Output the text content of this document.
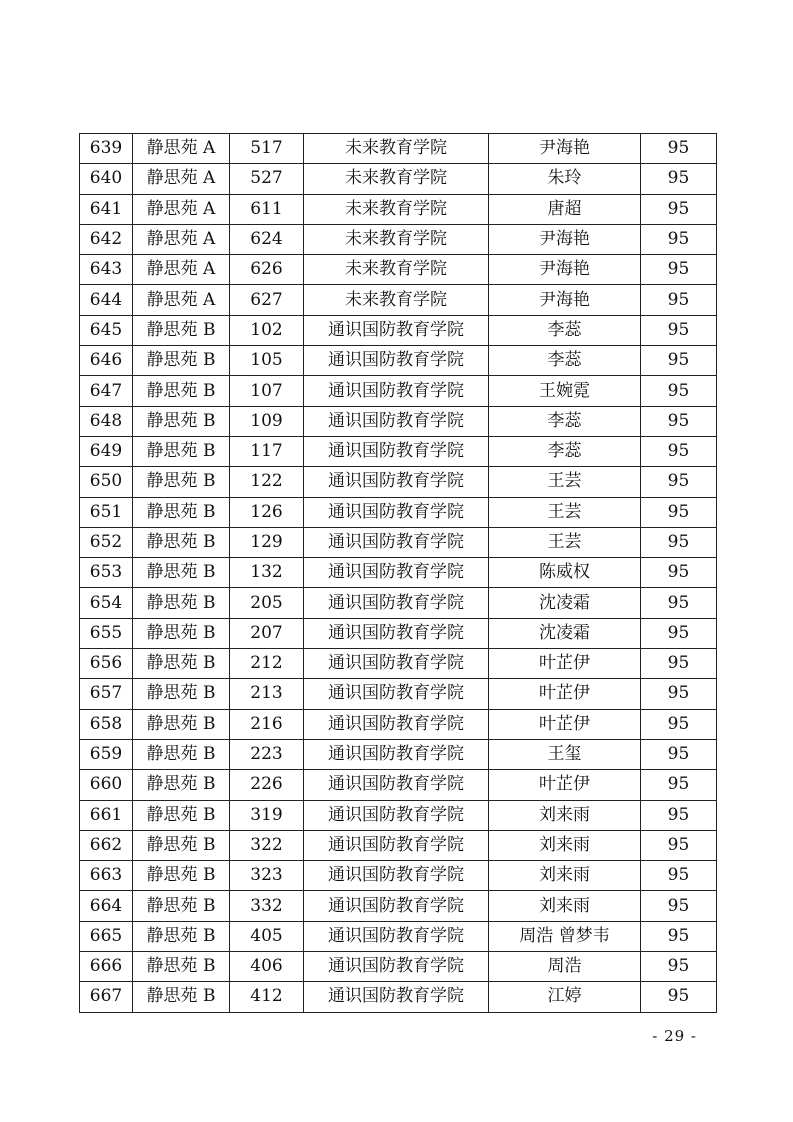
639	静思苑 A	517	未来教育学院	尹海艳	95
640	静思苑 A	527	未来教育学院	朱玲	95
641	静思苑 A	611	未来教育学院	唐超	95
642	静思苑 A	624	未来教育学院	尹海艳	95
643	静思苑 A	626	未来教育学院	尹海艳	95
644	静思苑 A	627	未来教育学院	尹海艳	95
645	静思苑 B	102	通识国防教育学院	李蕊	95
646	静思苑 B	105	通识国防教育学院	李蕊	95
647	静思苑 B	107	通识国防教育学院	王婉霓	95
648	静思苑 B	109	通识国防教育学院	李蕊	95
649	静思苑 B	117	通识国防教育学院	李蕊	95
650	静思苑 B	122	通识国防教育学院	王芸	95
651	静思苑 B	126	通识国防教育学院	王芸	95
652	静思苑 B	129	通识国防教育学院	王芸	95
653	静思苑 B	132	通识国防教育学院	陈威权	95
654	静思苑 B	205	通识国防教育学院	沈凌霜	95
655	静思苑 B	207	通识国防教育学院	沈凌霜	95
656	静思苑 B	212	通识国防教育学院	叶芷伊	95
657	静思苑 B	213	通识国防教育学院	叶芷伊	95
658	静思苑 B	216	通识国防教育学院	叶芷伊	95
659	静思苑 B	223	通识国防教育学院	王玺	95
660	静思苑 B	226	通识国防教育学院	叶芷伊	95
661	静思苑 B	319	通识国防教育学院	刘来雨	95
662	静思苑 B	322	通识国防教育学院	刘来雨	95
663	静思苑 B	323	通识国防教育学院	刘来雨	95
664	静思苑 B	332	通识国防教育学院	刘来雨	95
665	静思苑 B	405	通识国防教育学院	周浩 曾梦韦	95
666	静思苑 B	406	通识国防教育学院	周浩	95
667	静思苑 B	412	通识国防教育学院	江婷	95
- 29 -
